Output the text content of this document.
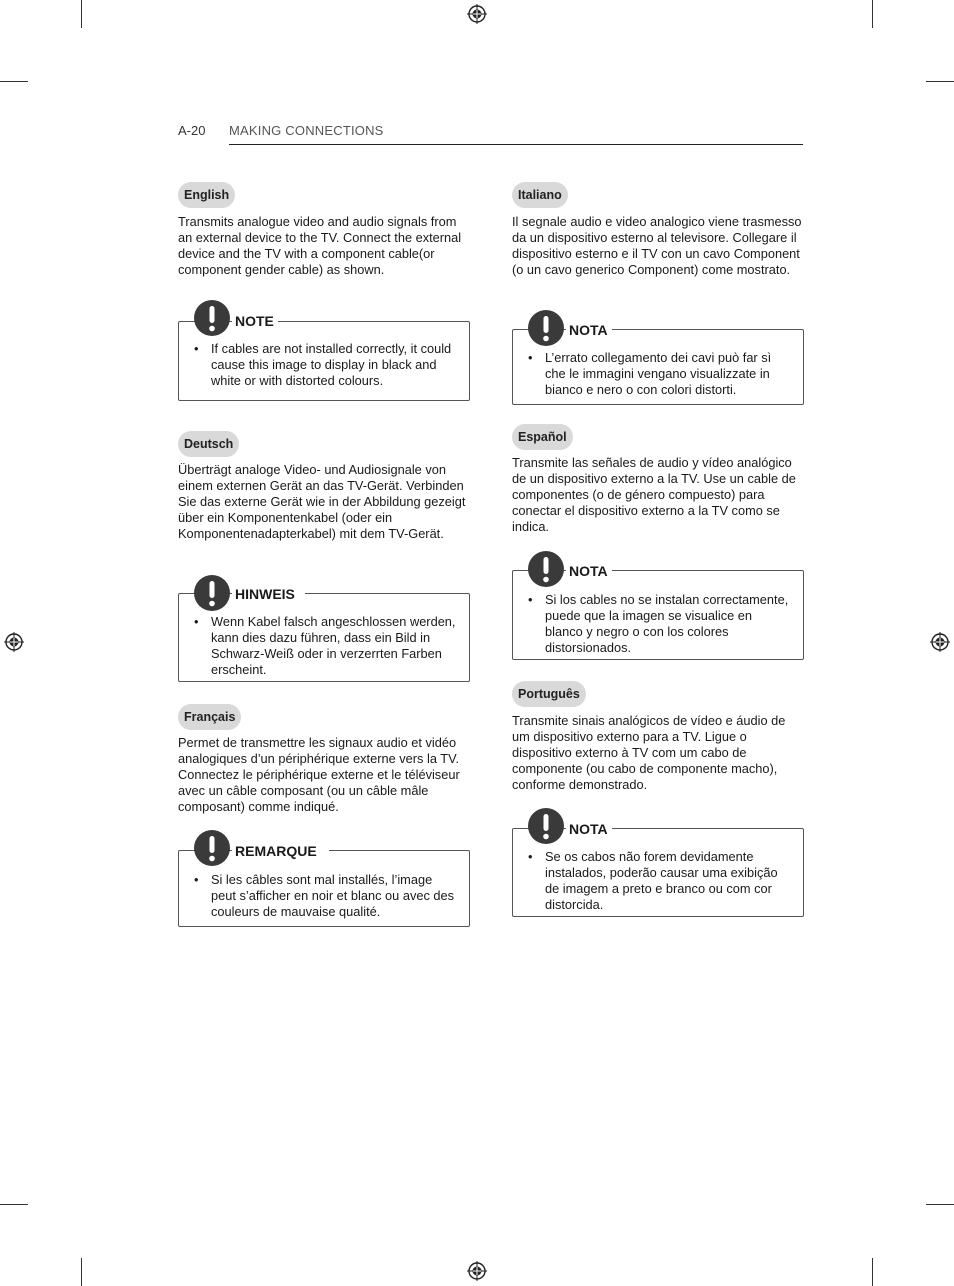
A-20 MAKING CONNECTIONS
English
Transmits analogue video and audio signals from an external device to the TV. Connect the external device and the TV with a component cable(or component gender cable) as shown.
• If cables are not installed correctly, it could cause this image to display in black and white or with distorted colours.
NOTE
Deutsch
Überträgt analoge Video- und Audiosignale von einem externen Gerät an das TV-Gerät. Verbinden Sie das externe Gerät wie in der Abbildung gezeigt über ein Komponentenkabel (oder ein Komponentenadapterkabel) mit dem TV-Gerät.
• Wenn Kabel falsch angeschlossen werden, kann dies dazu führen, dass ein Bild in Schwarz-Weiß oder in verzerrten Farben erscheint.
HINWEIS
Français
Permet de transmettre les signaux audio et vidéo analogiques d’un périphérique externe vers la TV. Connectez le périphérique externe et le téléviseur avec un câble composant (ou un câble mâle composant) comme indiqué.
• Si les câbles sont mal installés, l’image peut s’afficher en noir et blanc ou avec des couleurs de mauvaise qualité.
REMARQUE
Italiano
Il segnale audio e video analogico viene trasmesso da un dispositivo esterno al televisore. Collegare il dispositivo esterno e il TV con un cavo Component (o un cavo generico Component) come mostrato.
• L’errato collegamento dei cavi può far sì che le immagini vengano visualizzate in bianco e nero o con colori distorti.
NOTA
Español
Transmite las señales de audio y vídeo analógico de un dispositivo externo a la TV. Use un cable de componentes (o de género compuesto) para conectar el dispositivo externo a la TV como se indica.
• Si los cables no se instalan correctamente, puede que la imagen se visualice en blanco y negro o con los colores distorsionados.
NOTA
Português
Transmite sinais analógicos de vídeo e áudio de um dispositivo externo para a TV. Ligue o dispositivo externo à TV com um cabo de componente (ou cabo de componente macho), conforme demonstrado.
• Se os cabos não forem devidamente instalados, poderão causar uma exibição de imagem a preto e branco ou com cor distorcida.
NOTA
